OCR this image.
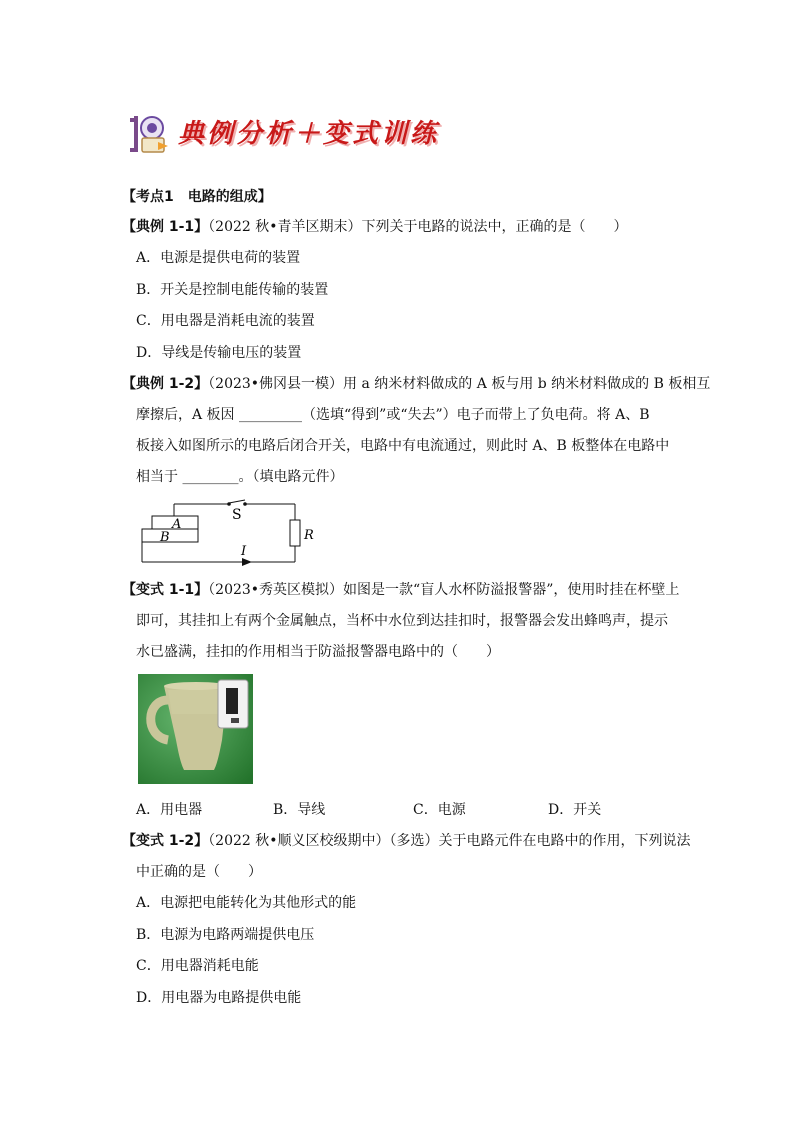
典例分析＋变式训练
【考点1　电路的组成】
【典例 1-1】（2022 秋•青羊区期末）下列关于电路的说法中，正确的是（　　）
A．电源是提供电荷的装置
B．开关是控制电能传输的装置
C．用电器是消耗电流的装置
D．导线是传输电压的装置
【典例 1-2】（2023•佛冈县一模）用 a 纳米材料做成的 A 板与用 b 纳米材料做成的 B 板相互
摩擦后，A 板因 _________（选填“得到”或“失去”）电子而带上了负电荷。将 A、B
板接入如图所示的电路后闭合开关，电路中有电流通过，则此时 A、B 板整体在电路中
相当于 ________。（填电路元件）
S
A
B	R
I
【变式 1-1】（2023•秀英区模拟）如图是一款“盲人水杯防溢报警器”，使用时挂在杯壁上
即可，其挂扣上有两个金属触点，当杯中水位到达挂扣时，报警器会发出蜂鸣声，提示
水已盛满，挂扣的作用相当于防溢报警器电路中的（　　）
A．用电器	B．导线	C．电源	D．开关
【变式 1-2】（2022 秋•顺义区校级期中）（多选）关于电路元件在电路中的作用，下列说法
中正确的是（　　）
A．电源把电能转化为其他形式的能
B．电源为电路两端提供电压
C．用电器消耗电能
D．用电器为电路提供电能
